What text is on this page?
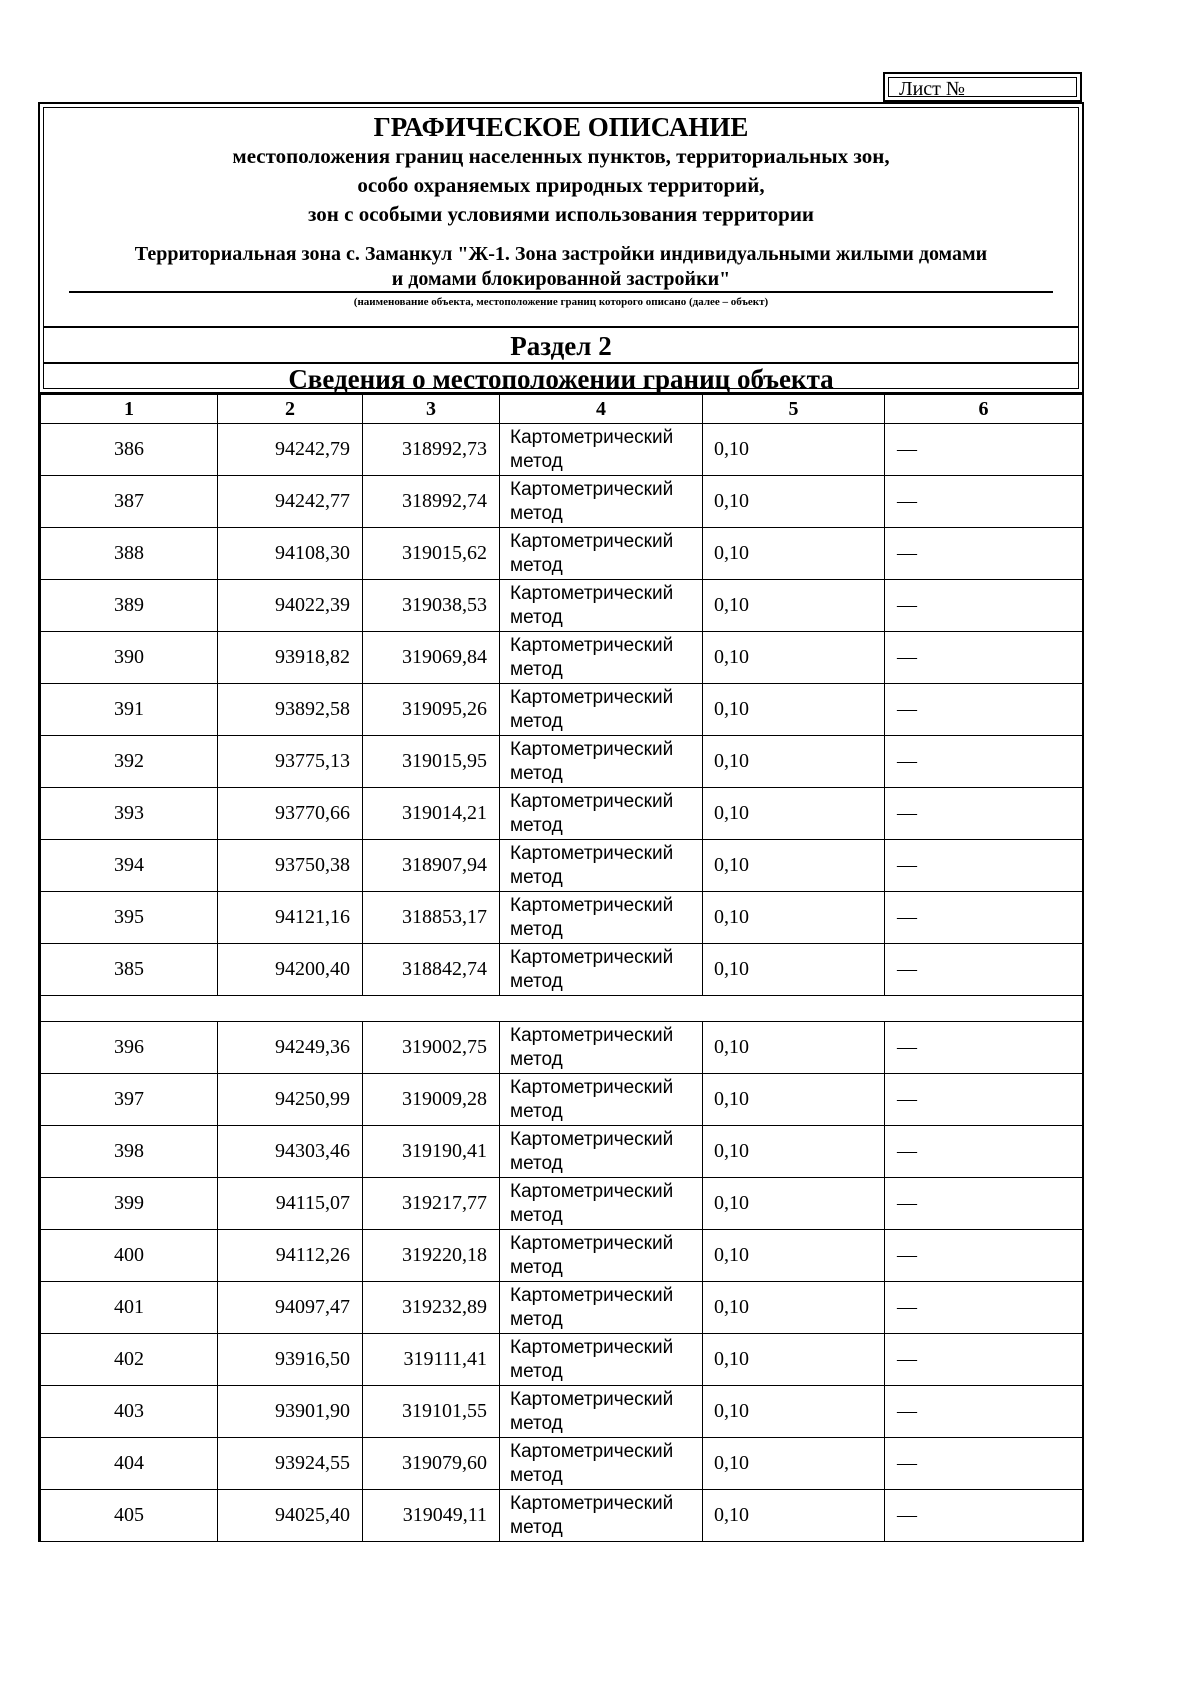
Лист №
ГРАФИЧЕСКОЕ ОПИСАНИЕ
местоположения границ населенных пунктов, территориальных зон,
особо охраняемых природных территорий,
зон с особыми условиями использования территории
Территориальная зона с. Заманкул "Ж-1. Зона застройки индивидуальными жилыми домами
и домами блокированной застройки"
(наименование объекта, местоположение границ которого описано (далее – объект)
Раздел 2
Сведения о местоположении границ объекта
1	2	3	4	5	6
386	94242,79	318992,73	Картометрический метод	0,10	—
387	94242,77	318992,74	Картометрический метод	0,10	—
388	94108,30	319015,62	Картометрический метод	0,10	—
389	94022,39	319038,53	Картометрический метод	0,10	—
390	93918,82	319069,84	Картометрический метод	0,10	—
391	93892,58	319095,26	Картометрический метод	0,10	—
392	93775,13	319015,95	Картометрический метод	0,10	—
393	93770,66	319014,21	Картометрический метод	0,10	—
394	93750,38	318907,94	Картометрический метод	0,10	—
395	94121,16	318853,17	Картометрический метод	0,10	—
385	94200,40	318842,74	Картометрический метод	0,10	—

396	94249,36	319002,75	Картометрический метод	0,10	—
397	94250,99	319009,28	Картометрический метод	0,10	—
398	94303,46	319190,41	Картометрический метод	0,10	—
399	94115,07	319217,77	Картометрический метод	0,10	—
400	94112,26	319220,18	Картометрический метод	0,10	—
401	94097,47	319232,89	Картометрический метод	0,10	—
402	93916,50	319111,41	Картометрический метод	0,10	—
403	93901,90	319101,55	Картометрический метод	0,10	—
404	93924,55	319079,60	Картометрический метод	0,10	—
405	94025,40	319049,11	Картометрический метод	0,10	—
